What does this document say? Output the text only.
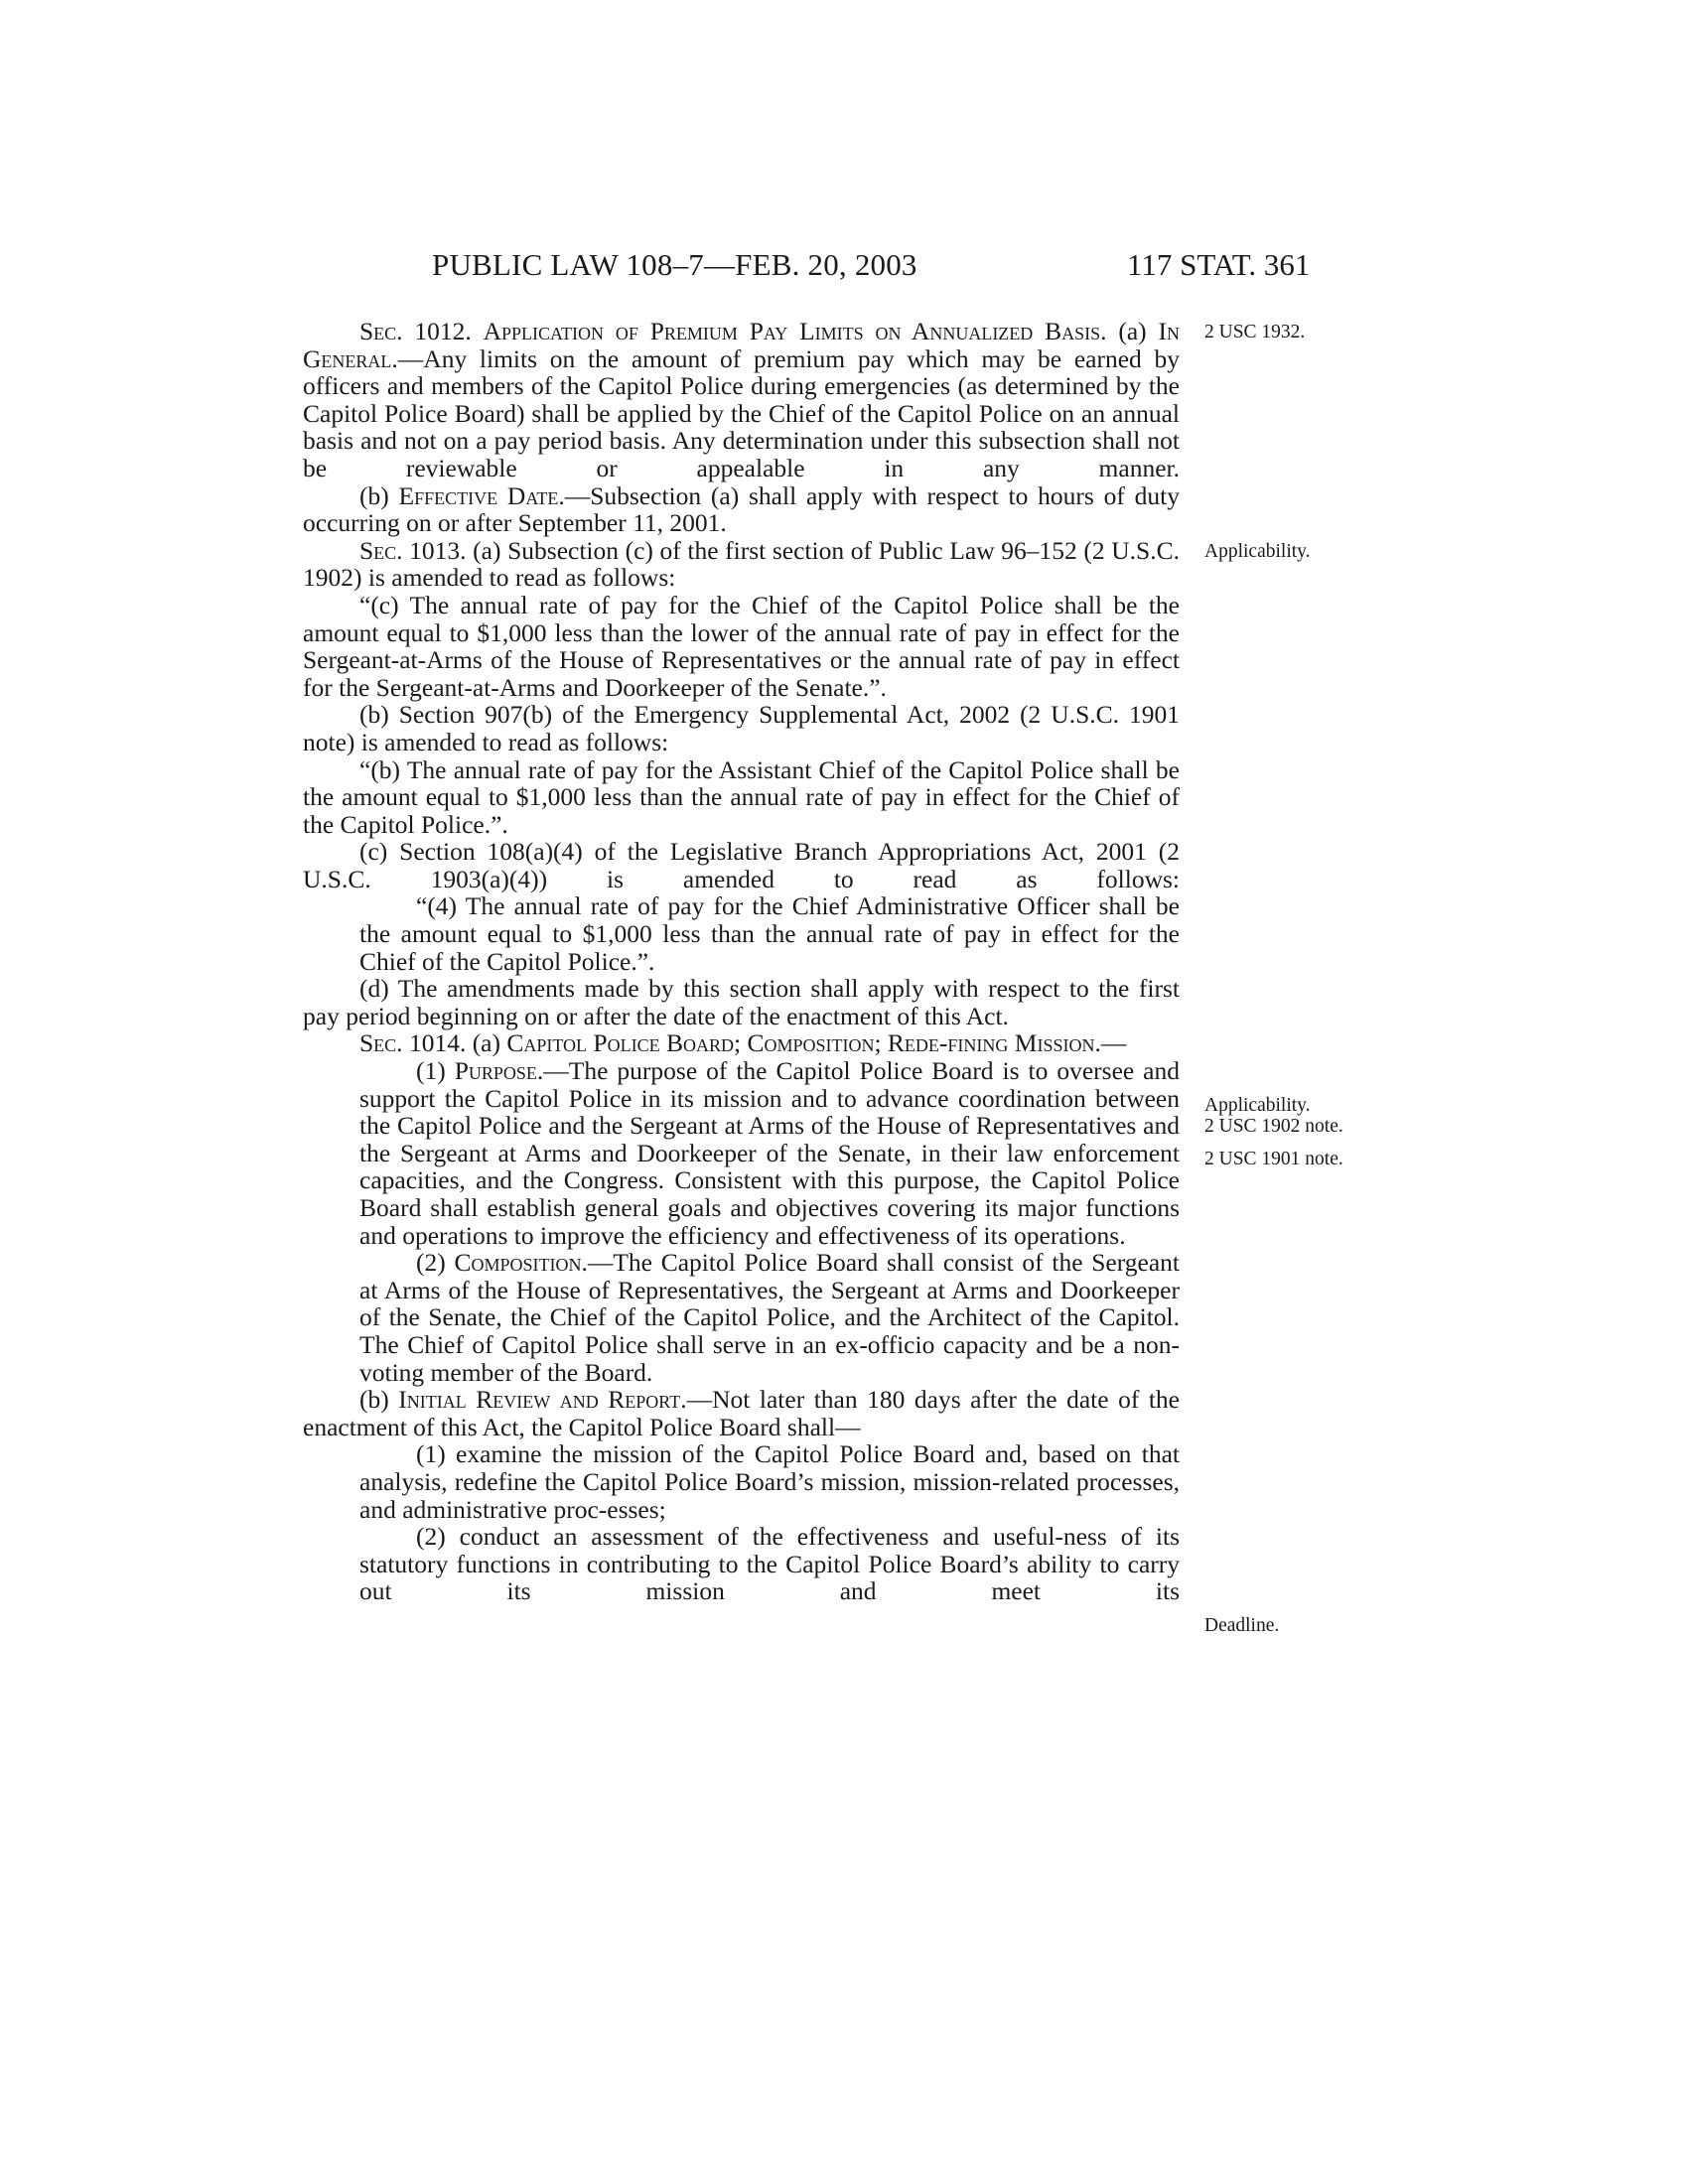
PUBLIC LAW 108–7—FEB. 20, 2003	117 STAT. 361

Sec. 1012. Application of Premium Pay Limits on Annualized Basis. (a) In General.—Any limits on the amount of premium pay which may be earned by officers and members of the Capitol Police during emergencies (as determined by the Capitol Police Board) shall be applied by the Chief of the Capitol Police on an annual basis and not on a pay period basis. Any determination under this subsection shall not be reviewable or appealable in any manner.

(b) Effective Date.—Subsection (a) shall apply with respect to hours of duty occurring on or after September 11, 2001.

Sec. 1013. (a) Subsection (c) of the first section of Public Law 96–152 (2 U.S.C. 1902) is amended to read as follows:

“(c) The annual rate of pay for the Chief of the Capitol Police shall be the amount equal to $1,000 less than the lower of the annual rate of pay in effect for the Sergeant-at-Arms of the House of Representatives or the annual rate of pay in effect for the Sergeant-at-Arms and Doorkeeper of the Senate.”.

(b) Section 907(b) of the Emergency Supplemental Act, 2002 (2 U.S.C. 1901 note) is amended to read as follows:

“(b) The annual rate of pay for the Assistant Chief of the Capitol Police shall be the amount equal to $1,000 less than the annual rate of pay in effect for the Chief of the Capitol Police.”.

(c) Section 108(a)(4) of the Legislative Branch Appropriations Act, 2001 (2 U.S.C. 1903(a)(4)) is amended to read as follows:

“(4) The annual rate of pay for the Chief Administrative Officer shall be the amount equal to $1,000 less than the annual rate of pay in effect for the Chief of the Capitol Police.”.

(d) The amendments made by this section shall apply with respect to the first pay period beginning on or after the date of the enactment of this Act.

Sec. 1014. (a) Capitol Police Board; Composition; Rede-fining Mission.—

(1) Purpose.—The purpose of the Capitol Police Board is to oversee and support the Capitol Police in its mission and to advance coordination between the Capitol Police and the Sergeant at Arms of the House of Representatives and the Sergeant at Arms and Doorkeeper of the Senate, in their law enforcement capacities, and the Congress. Consistent with this purpose, the Capitol Police Board shall establish general goals and objectives covering its major functions and operations to improve the efficiency and effectiveness of its operations.

(2) Composition.—The Capitol Police Board shall consist of the Sergeant at Arms of the House of Representatives, the Sergeant at Arms and Doorkeeper of the Senate, the Chief of the Capitol Police, and the Architect of the Capitol. The Chief of Capitol Police shall serve in an ex-officio capacity and be a non-voting member of the Board.

(b) Initial Review and Report.—Not later than 180 days after the date of the enactment of this Act, the Capitol Police Board shall—

(1) examine the mission of the Capitol Police Board and, based on that analysis, redefine the Capitol Police Board’s mission, mission-related processes, and administrative proc-esses;

(2) conduct an assessment of the effectiveness and useful-ness of its statutory functions in contributing to the Capitol Police Board’s ability to carry out its mission and meet its

2 USC 1932.
Applicability.
Applicability.
2 USC 1902 note.
2 USC 1901 note.
Deadline.
